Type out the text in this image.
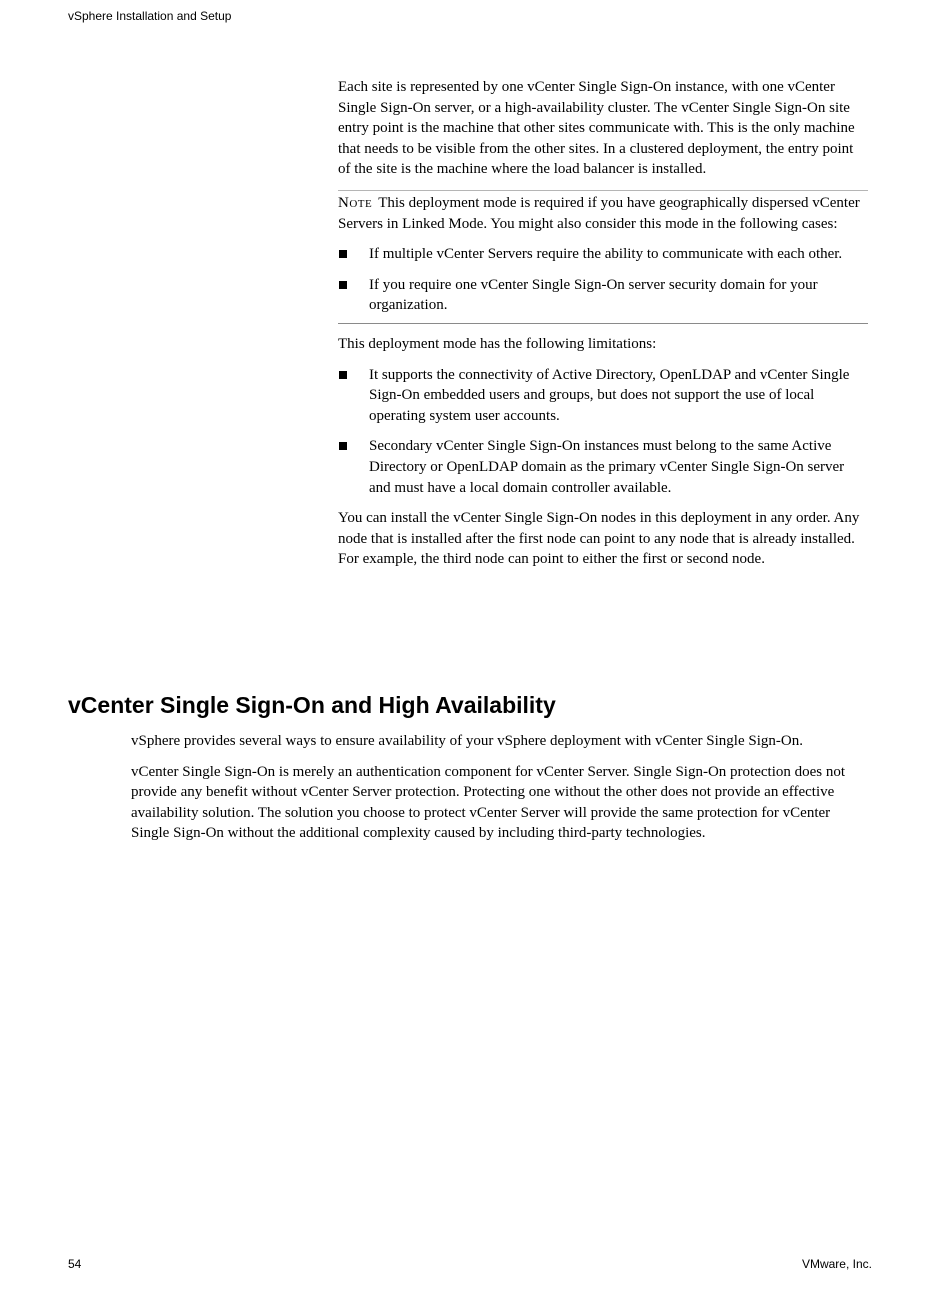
vSphere Installation and Setup

Each site is represented by one vCenter Single Sign-On instance, with one vCenter Single Sign-On server, or a high-availability cluster. The vCenter Single Sign-On site entry point is the machine that other sites communicate with. This is the only machine that needs to be visible from the other sites. In a clustered deployment, the entry point of the site is the machine where the load balancer is installed.

Note This deployment mode is required if you have geographically dispersed vCenter Servers in Linked Mode. You might also consider this mode in the following cases:

If multiple vCenter Servers require the ability to communicate with each other.
If you require one vCenter Single Sign-On server security domain for your organization.

This deployment mode has the following limitations:

It supports the connectivity of Active Directory, OpenLDAP and vCenter Single Sign-On embedded users and groups, but does not support the use of local operating system user accounts.
Secondary vCenter Single Sign-On instances must belong to the same Active Directory or OpenLDAP domain as the primary vCenter Single Sign-On server and must have a local domain controller available.

You can install the vCenter Single Sign-On nodes in this deployment in any order. Any node that is installed after the first node can point to any node that is already installed. For example, the third node can point to either the first or second node.

vCenter Single Sign-On and High Availability

vSphere provides several ways to ensure availability of your vSphere deployment with vCenter Single Sign-On.

vCenter Single Sign-On is merely an authentication component for vCenter Server. Single Sign-On protection does not provide any benefit without vCenter Server protection. Protecting one without the other does not provide an effective availability solution. The solution you choose to protect vCenter Server will provide the same protection for vCenter Single Sign-On without the additional complexity caused by including third-party technologies.

54	VMware, Inc.
